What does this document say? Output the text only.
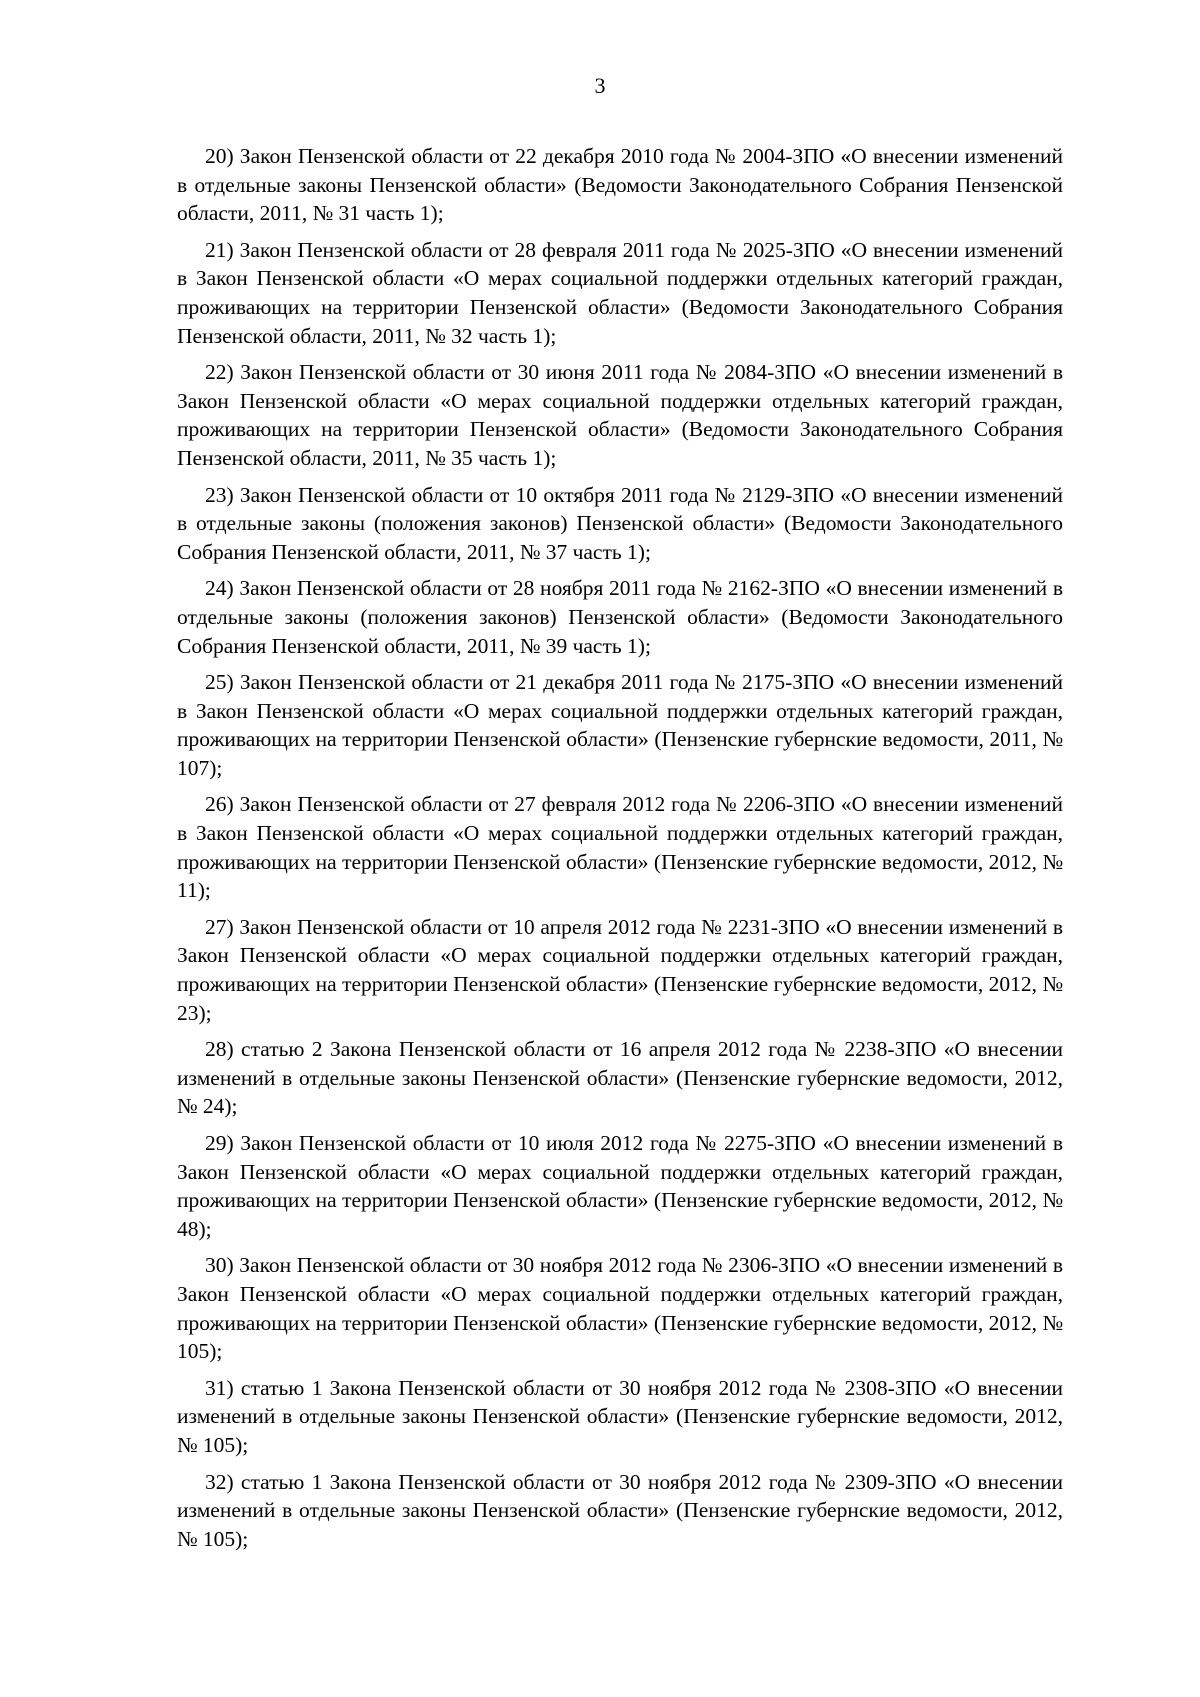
3

20) Закон Пензенской области от 22 декабря 2010 года № 2004-ЗПО «О внесении изменений в отдельные законы Пензенской области» (Ведомости Законодательного Собрания Пензенской области, 2011, № 31 часть 1);

21) Закон Пензенской области от 28 февраля 2011 года № 2025-ЗПО «О внесении изменений в Закон Пензенской области «О мерах социальной поддержки отдельных категорий граждан, проживающих на территории Пензенской области» (Ведомости Законодательного Собрания Пензенской области, 2011, № 32 часть 1);

22) Закон Пензенской области от 30 июня 2011 года № 2084-ЗПО «О внесении изменений в Закон Пензенской области «О мерах социальной поддержки отдельных категорий граждан, проживающих на территории Пензенской области» (Ведомости Законодательного Собрания Пензенской области, 2011, № 35 часть 1);

23) Закон Пензенской области от 10 октября 2011 года № 2129-ЗПО «О внесении изменений в отдельные законы (положения законов) Пензенской области» (Ведомости Законодательного Собрания Пензенской области, 2011, № 37 часть 1);

24) Закон Пензенской области от 28 ноября 2011 года № 2162-ЗПО «О внесении изменений в отдельные законы (положения законов) Пензенской области» (Ведомости Законодательного Собрания Пензенской области, 2011, № 39 часть 1);

25) Закон Пензенской области от 21 декабря 2011 года № 2175-ЗПО «О внесении изменений в Закон Пензенской области «О мерах социальной поддержки отдельных категорий граждан, проживающих на территории Пензенской области» (Пензенские губернские ведомости, 2011, № 107);

26) Закон Пензенской области от 27 февраля 2012 года № 2206-ЗПО «О внесении изменений в Закон Пензенской области «О мерах социальной поддержки отдельных категорий граждан, проживающих на территории Пензенской области» (Пензенские губернские ведомости, 2012, № 11);

27) Закон Пензенской области от 10 апреля 2012 года № 2231-ЗПО «О внесении изменений в Закон Пензенской области «О мерах социальной поддержки отдельных категорий граждан, проживающих на территории Пензенской области» (Пензенские губернские ведомости, 2012, № 23);

28) статью 2 Закона Пензенской области от 16 апреля 2012 года № 2238-ЗПО «О внесении изменений в отдельные законы Пензенской области» (Пензенские губернские ведомости, 2012, № 24);

29) Закон Пензенской области от 10 июля 2012 года № 2275-ЗПО «О внесении изменений в Закон Пензенской области «О мерах социальной поддержки отдельных категорий граждан, проживающих на территории Пензенской области» (Пензенские губернские ведомости, 2012, № 48);

30) Закон Пензенской области от 30 ноября 2012 года № 2306-ЗПО «О внесении изменений в Закон Пензенской области «О мерах социальной поддержки отдельных категорий граждан, проживающих на территории Пензенской области» (Пензенские губернские ведомости, 2012, № 105);

31) статью 1 Закона Пензенской области от 30 ноября 2012 года № 2308-ЗПО «О внесении изменений в отдельные законы Пензенской области» (Пензенские губернские ведомости, 2012, № 105);

32) статью 1 Закона Пензенской области от 30 ноября 2012 года № 2309-ЗПО «О внесении изменений в отдельные законы Пензенской области» (Пензенские губернские ведомости, 2012, № 105);
